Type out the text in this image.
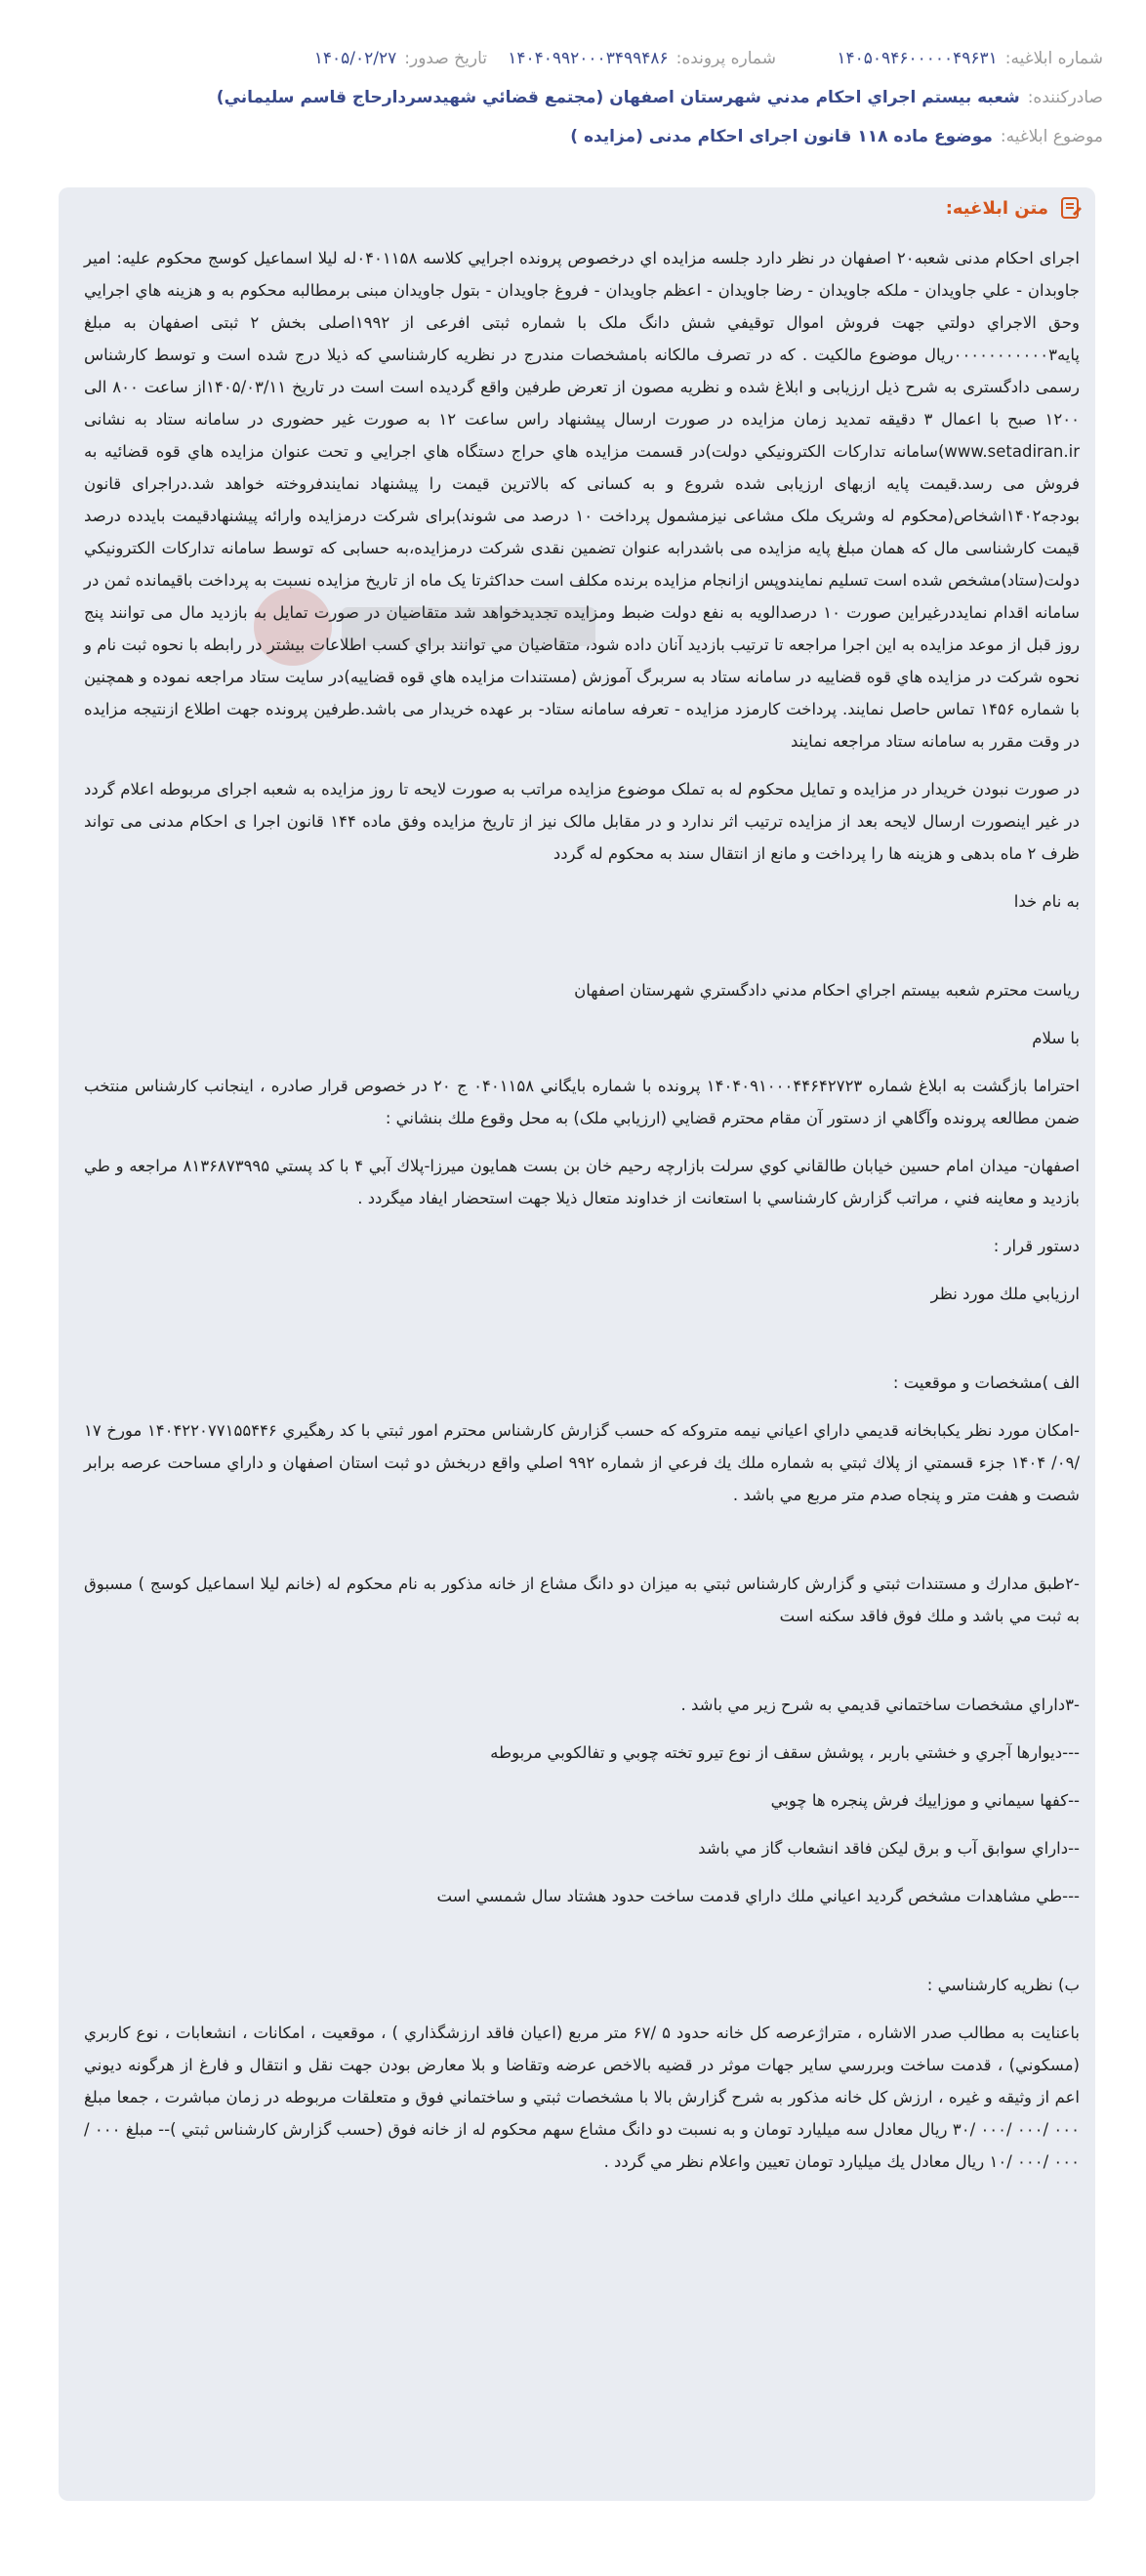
شماره ابلاغیه:
۱۴۰۵۰۹۴۶۰۰۰۰۰۴۹۶۳۱
شماره پرونده:
۱۴۰۴۰۹۹۲۰۰۰۳۴۹۹۴۸۶
تاریخ صدور:
۱۴۰۵/۰۲/۲۷
صادرکننده:
شعبه بیستم اجراي احکام مدني شهرستان اصفهان (مجتمع قضائي شهيدسردارحاج قاسم سليماني)
موضوع ابلاغیه:
موضوع ماده ۱۱۸ قانون اجرای احکام مدنی (مزایده )
متن ابلاغیه:

اجرای احکام مدنی شعبه۲۰ اصفهان در نظر دارد جلسه مزایده اي درخصوص پرونده اجرايي كلاسه ۰۴۰۱۱۵۸له لیلا اسماعیل کوسج محكوم عليه: امیر جاوبدان - علي جاويدان - ملكه جاويدان - رضا جاويدان - اعظم جاويدان - فروغ جاويدان - بتول جاويدان مبنی برمطالبه محکوم به و هزینه هاي اجرايي وحق الاجراي دولتي جهت فروش اموال توقيفي شش دانگ ملک با شماره ثبتی افرعی از ۱۹۹۲اصلی بخش ۲ ثبتی اصفهان به مبلغ پايه۰۰۰۰۰۰۰۰۰۰۰۳ريال موضوع مالکیت . که در تصرف مالکانه بامشخصات مندرج در نظريه كارشناسي كه ذيلا درج شده است و توسط كارشناس رسمی دادگستری به شرح ذیل ارزیابی و ابلاغ شده و نظریه مصون از تعرض طرفین واقع گردیده است است در تاریخ ۱۴۰۵/۰۳/۱۱از ساعت ۸۰۰ الی ۱۲۰۰ صبح با اعمال ۳ دقیقه تمدید زمان مزایده در صورت ارسال پیشنهاد راس ساعت ۱۲ به صورت غیر حضوری در سامانه ستاد به نشانی www.setadiran.ir)سامانه تداركات الكترونيكي دولت)در قسمت مزايده هاي حراج دستگاه هاي اجرايي و تحت عنوان مزايده هاي قوه قضائيه به فروش می رسد.قیمت پایه ازبهای ارزیابی شده شروع و به کسانی که بالاترین قیمت را پیشنهاد نمایندفروخته خواهد شد.دراجرای قانون بودجه۱۴۰۲اشخاص(محکوم له وشریک ملک مشاعی نیزمشمول پرداخت ۱۰ درصد می شوند)برای شرکت درمزایده وارائه پیشنهادقیمت بایدده درصد قیمت کارشناسی مال که همان مبلغ پایه مزایده می باشدرابه عنوان تضمین نقدی شرکت درمزایده،به حسابی که توسط سامانه تداركات الكترونيكي دولت(ستاد)مشخص شده است تسلیم نمایندوپس ازانجام مزایده برنده مکلف است حداکثرتا یک ماه از تاریخ مزایده نسبت به پرداخت باقیمانده ثمن در سامانه اقدام نمایددرغیراین صورت ۱۰ درصدالویه به نفع دولت ضبط ومزایده تجدیدخواهد شد متقاضیان در صورت تمایل به بازدید مال می توانند پنج روز قبل از موعد مزایده به این اجرا مراجعه تا ترتیب بازدید آنان داده شود، متقاضيان مي توانند براي كسب اطلاعات بيشتر در رابطه با نحوه ثبت نام و نحوه شركت در مزايده هاي قوه قضاييه در سامانه ستاد به سربرگ آموزش (مستندات مزايده هاي قوه قضاييه)در سايت ستاد مراجعه نموده و همچنين با شماره ۱۴۵۶ تماس حاصل نمايند. پرداخت کارمزد مزایده - تعرفه سامانه ستاد- بر عهده خریدار می باشد.طرفین پرونده جهت اطلاع ازنتیجه مزایده در وقت مقرر به سامانه ستاد مراجعه نمایند

در صورت نبودن خریدار در مزایده و تمایل محکوم له به تملک موضوع مزایده مراتب به صورت لایحه تا روز مزایده به شعبه اجرای مربوطه اعلام گردد در غیر اینصورت ارسال لایحه بعد از مزایده ترتیب اثر ندارد و در مقابل مالک نیز از تاریخ مزایده وفق ماده ۱۴۴ قانون اجرا ی احکام مدنی می تواند ظرف ۲ ماه بدهی و هزینه ها را پرداخت و مانع از انتقال سند به محکوم له گردد

به نام خدا

رياست محترم شعبه بيستم اجراي احكام مدني دادگستري شهرستان اصفهان

با سلام

احتراما بازگشت به ابلاغ شماره ۱۴۰۴۰۹۱۰۰۰۴۴۶۴۲۷۲۳ پرونده با شماره بايگاني ۰۴۰۱۱۵۸ ج ۲۰ در خصوص قرار صادره ، اينجانب كارشناس منتخب ضمن مطالعه پرونده وآگاهي از دستور آن مقام محترم قضايي (ارزيابي ملک) به محل وقوع ملك بنشاني :

اصفهان- ميدان امام حسين خيابان طالقاني كوي سرلت بازارچه رحيم خان بن بست همايون ميرزا-پلاك آبي ۴ با كد پستي ۸۱۳۶۸۷۳۹۹۵ مراجعه و طي بازديد و معاينه فني ، مراتب گزارش كارشناسي با استعانت از خداوند متعال ذيلا جهت استحضار ايفاد ميگردد .

دستور قرار :

ارزيابي ملك مورد نظر

الف )مشخصات و موقعيت :

-امكان مورد نظر يكبابخانه قديمي داراي اعياني نيمه متروكه كه حسب گزارش كارشناس محترم امور ثبتي با كد رهگيري ۱۴۰۴۲۲۰۷۷۱۵۵۴۴۶ مورخ ۱۷ /۰۹/ ۱۴۰۴ جزء قسمتي از پلاك ثبتي به شماره ملك يك فرعي از شماره ۹۹۲ اصلي واقع دربخش دو ثبت استان اصفهان و داراي مساحت عرصه برابر شصت و هفت متر و پنجاه صدم متر مربع مي باشد .

-۲طبق مدارك و مستندات ثبتي و گزارش كارشناس ثبتي به ميزان دو دانگ مشاع از خانه مذكور به نام محكوم له (خانم ليلا اسماعيل كوسج ) مسبوق به ثبت مي باشد و ملك فوق فاقد سكنه است

-۳داراي مشخصات ساختماني قديمي به شرح زير مي باشد .

---ديوارها آجري و خشتي باربر ، پوشش سقف از نوع تيرو تخته چوبي و تفالكوبي مربوطه

--كفها سيماني و موزاييك فرش پنجره ها چوبي

--داراي سوابق آب و برق ليكن فاقد انشعاب گاز مي باشد

---طي مشاهدات مشخص گرديد اعياني ملك داراي قدمت ساخت حدود هشتاد سال شمسي است

ب) نظريه كارشناسي :

باعنايت به مطالب صدر الاشاره ، متراژعرصه كل خانه حدود ۵ /۶۷ متر مربع (اعيان فاقد ارزشگذاري ) ، موقعيت ، امكانات ، انشعابات ، نوع كاربري (مسكوني) ، قدمت ساخت وبررسي ساير جهات موثر در قضيه بالاخص عرضه وتقاضا و بلا معارض بودن جهت نقل و انتقال و فارغ از هرگونه ديوني اعم از وثيقه و غيره ، ارزش كل خانه مذكور به شرح گزارش بالا با مشخصات ثبتي و ساختماني فوق و متعلقات مربوطه در زمان مباشرت ، جمعا مبلغ ۰۰۰ /۰۰۰ /۰۰۰ /۳۰ ريال معادل سه ميليارد تومان و به نسبت دو دانگ مشاع سهم محكوم له از خانه فوق (حسب گزارش كارشناس ثبتي )-- مبلغ ۰۰۰ /۰۰۰ /۰۰۰ /۱۰ ريال معادل يك ميليارد تومان تعيين واعلام نظر مي گردد .
